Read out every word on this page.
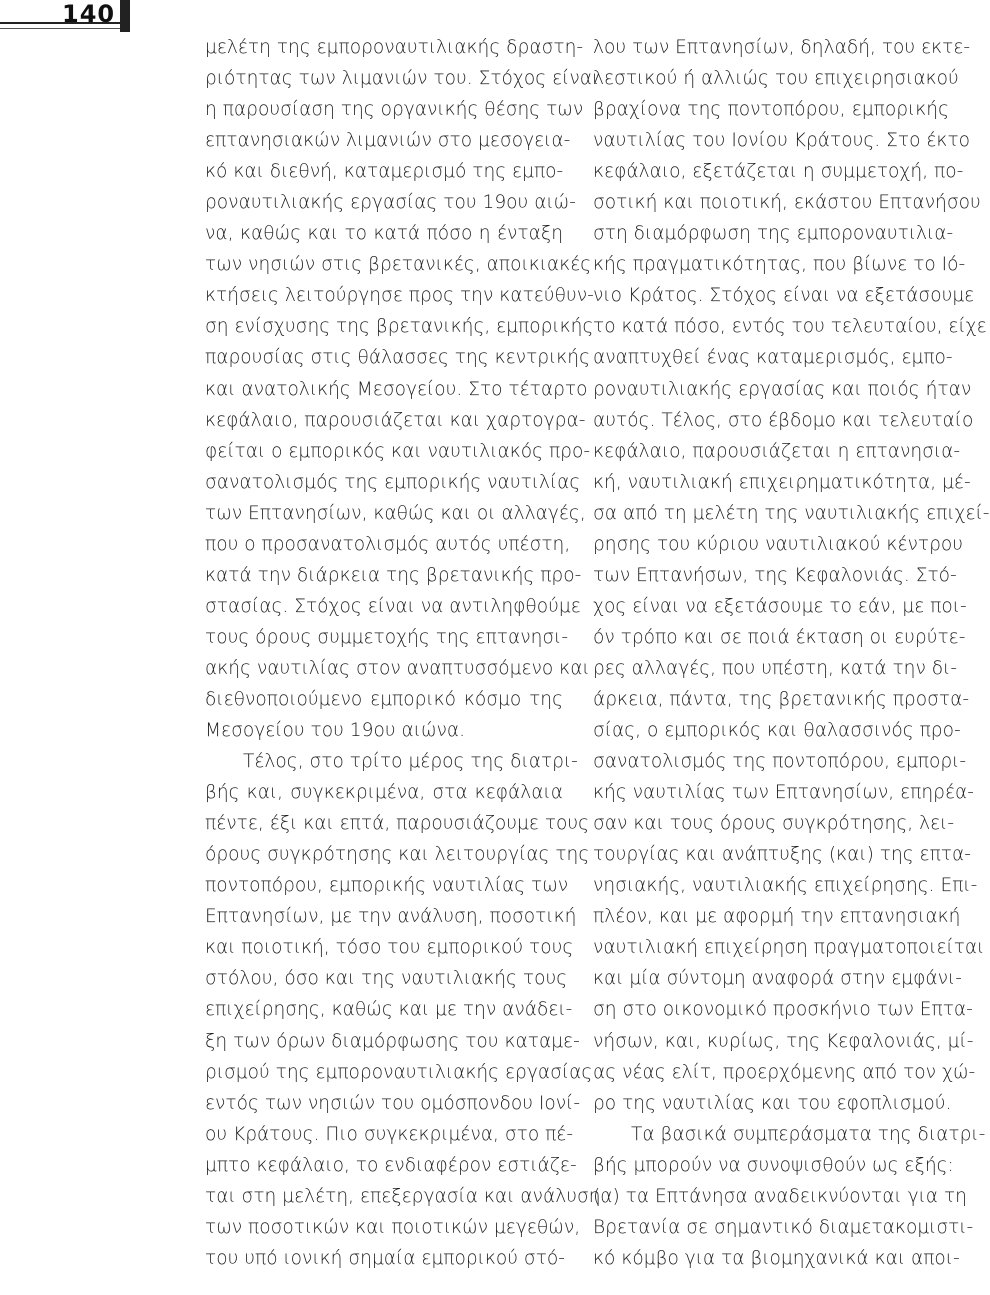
140
μελέτη της εμποροναυτιλιακής δραστη-
ριότητας των λιμανιών του. Στόχος είναι
η παρουσίαση της οργανικής θέσης των
επτανησιακών λιμανιών στο μεσογεια-
κό και διεθνή, καταμερισμό της εμπο-
ροναυτιλιακής εργασίας του 19ου αιώ-
να, καθώς και το κατά πόσο η ένταξη
των νησιών στις βρετανικές, αποικιακές
κτήσεις λειτούργησε προς την κατεύθυν-
ση ενίσχυσης της βρετανικής, εμπορικής
παρουσίας στις θάλασσες της κεντρικής
και ανατολικής Μεσογείου. Στο τέταρτο
κεφάλαιο, παρουσιάζεται και χαρτογρα-
φείται ο εμπορικός και ναυτιλιακός προ-
σανατολισμός της εμπορικής ναυτιλίας
των Επτανησίων, καθώς και οι αλλαγές,
που ο προσανατολισμός αυτός υπέστη,
κατά την διάρκεια της βρετανικής προ-
στασίας. Στόχος είναι να αντιληφθούμε
τους όρους συμμετοχής της επτανησι-
ακής ναυτιλίας στον αναπτυσσόμενο και
διεθνοποιούμενο εμπορικό κόσμο της
Μεσογείου του 19ου αιώνα.
Τέλος, στο τρίτο μέρος της διατρι-
βής και, συγκεκριμένα, στα κεφάλαια
πέντε, έξι και επτά, παρουσιάζουμε τους
όρους συγκρότησης και λειτουργίας της
ποντοπόρου, εμπορικής ναυτιλίας των
Επτανησίων, με την ανάλυση, ποσοτική
και ποιοτική, τόσο του εμπορικού τους
στόλου, όσο και της ναυτιλιακής τους
επιχείρησης, καθώς και με την ανάδει-
ξη των όρων διαμόρφωσης του καταμε-
ρισμού της εμποροναυτιλιακής εργασίας
εντός των νησιών του ομόσπονδου Ιονί-
ου Κράτους. Πιο συγκεκριμένα, στο πέ-
μπτο κεφάλαιο, το ενδιαφέρον εστιάζε-
ται στη μελέτη, επεξεργασία και ανάλυση
των ποσοτικών και ποιοτικών μεγεθών,
του υπό ιονική σημαία εμπορικού στό-
λου των Επτανησίων, δηλαδή, του εκτε-
λεστικού ή αλλιώς του επιχειρησιακού
βραχίονα της ποντοπόρου, εμπορικής
ναυτιλίας του Ιονίου Κράτους. Στο έκτο
κεφάλαιο, εξετάζεται η συμμετοχή, πο-
σοτική και ποιοτική, εκάστου Επτανήσου
στη διαμόρφωση της εμποροναυτιλια-
κής πραγματικότητας, που βίωνε το Ιό-
νιο Κράτος. Στόχος είναι να εξετάσουμε
το κατά πόσο, εντός του τελευταίου, είχε
αναπτυχθεί ένας καταμερισμός, εμπο-
ροναυτιλιακής εργασίας και ποιός ήταν
αυτός. Τέλος, στο έβδομο και τελευταίο
κεφάλαιο, παρουσιάζεται η επτανησια-
κή, ναυτιλιακή επιχειρηματικότητα, μέ-
σα από τη μελέτη της ναυτιλιακής επιχεί-
ρησης του κύριου ναυτιλιακού κέντρου
των Επτανήσων, της Κεφαλονιάς. Στό-
χος είναι να εξετάσουμε το εάν, με ποι-
όν τρόπο και σε ποιά έκταση οι ευρύτε-
ρες αλλαγές, που υπέστη, κατά την δι-
άρκεια, πάντα, της βρετανικής προστα-
σίας, ο εμπορικός και θαλασσινός προ-
σανατολισμός της ποντοπόρου, εμπορι-
κής ναυτιλίας των Επτανησίων, επηρέα-
σαν και τους όρους συγκρότησης, λει-
τουργίας και ανάπτυξης (και) της επτα-
νησιακής, ναυτιλιακής επιχείρησης. Επι-
πλέον, και με αφορμή την επτανησιακή
ναυτιλιακή επιχείρηση πραγματοποιείται
και μία σύντομη αναφορά στην εμφάνι-
ση στο οικονομικό προσκήνιο των Επτα-
νήσων, και, κυρίως, της Κεφαλονιάς, μί-
ας νέας ελίτ, προερχόμενης από τον χώ-
ρο της ναυτιλίας και του εφοπλισμού.
Τα βασικά συμπεράσματα της διατρι-
βής μπορούν να συνοψισθούν ως εξής:
(α) τα Επτάνησα αναδεικνύονται για τη
Βρετανία σε σημαντικό διαμετακομιστι-
κό κόμβο για τα βιομηχανικά και αποι-
